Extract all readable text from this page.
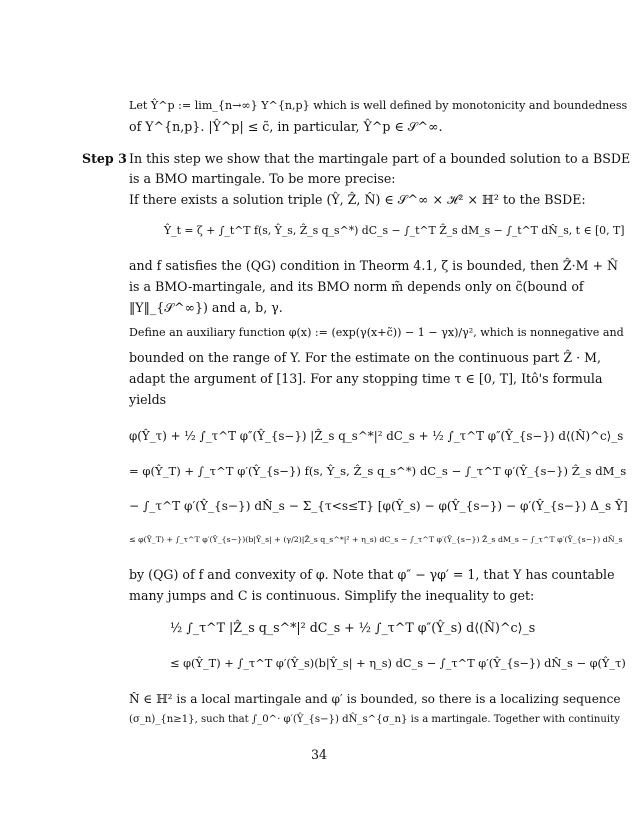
Let Ŷ^p := lim_{n→∞} Y^{n,p} which is well defined by monotonicity and boundedness
of Y^{n,p}. |Ŷ^p| ≤ c̃, in particular, Ŷ^p ∈ 𝒮^∞.
Step 3 In this step we show that the martingale part of a bounded solution to a BSDE
is a BMO martingale. To be more precise:
If there exists a solution triple (Ŷ, Ẑ, N̂) ∈ 𝒮^∞ × ℋ² × ℍ² to the BSDE:
Ŷ_t = ζ + ∫_t^T f(s, Ŷ_s, Ẑ_s q_s^*) dC_s − ∫_t^T Ẑ_s dM_s − ∫_t^T dN̂_s, t ∈ [0, T]
and f satisfies the (QG) condition in Theorm 4.1, ζ is bounded, then Ẑ·M + N̂
is a BMO-martingale, and its BMO norm m̃ depends only on c̃(bound of
‖Y‖_{𝒮^∞}) and a, b, γ.
Define an auxiliary function φ(x) := (exp(γ(x+c̃)) − 1 − γx)/γ², which is nonnegative and
bounded on the range of Y. For the estimate on the continuous part Ẑ · M,
adapt the argument of [13]. For any stopping time τ ∈ [0, T], Itô's formula
yields
φ(Ŷ_τ) + ½ ∫_τ^T φ″(Ŷ_{s−}) |Ẑ_s q_s^*|² dC_s + ½ ∫_τ^T φ″(Ŷ_{s−}) d⟨(N̂)^c⟩_s
= φ(Ŷ_T) + ∫_τ^T φ′(Ŷ_{s−}) f(s, Ŷ_s, Ẑ_s q_s^*) dC_s − ∫_τ^T φ′(Ŷ_{s−}) Ẑ_s dM_s
− ∫_τ^T φ′(Ŷ_{s−}) dN̂_s − Σ_{τ<s≤T} [φ(Ŷ_s) − φ(Ŷ_{s−}) − φ′(Ŷ_{s−}) Δ_s Ŷ]
≤ φ(Ŷ_T) + ∫_τ^T φ′(Ŷ_{s−})(b|Ŷ_s| + (γ/2)|Ẑ_s q_s^*|² + η_s) dC_s − ∫_τ^T φ′(Ŷ_{s−}) Ẑ_s dM_s − ∫_τ^T φ′(Ŷ_{s−}) dN̂_s
by (QG) of f and convexity of φ. Note that φ″ − γφ′ = 1, that Y has countable
many jumps and C is continuous. Simplify the inequality to get:
½ ∫_τ^T |Ẑ_s q_s^*|² dC_s + ½ ∫_τ^T φ″(Ŷ_s) d⟨(N̂)^c⟩_s
≤ φ(Ŷ_T) + ∫_τ^T φ′(Ŷ_s)(b|Ŷ_s| + η_s) dC_s − ∫_τ^T φ′(Ŷ_{s−}) dN̂_s − φ(Ŷ_τ)
N̂ ∈ ℍ² is a local martingale and φ′ is bounded, so there is a localizing sequence
(σ_n)_{n≥1}, such that ∫_0^· φ′(Ŷ_{s−}) dN̂_s^{σ_n} is a martingale. Together with continuity
34
